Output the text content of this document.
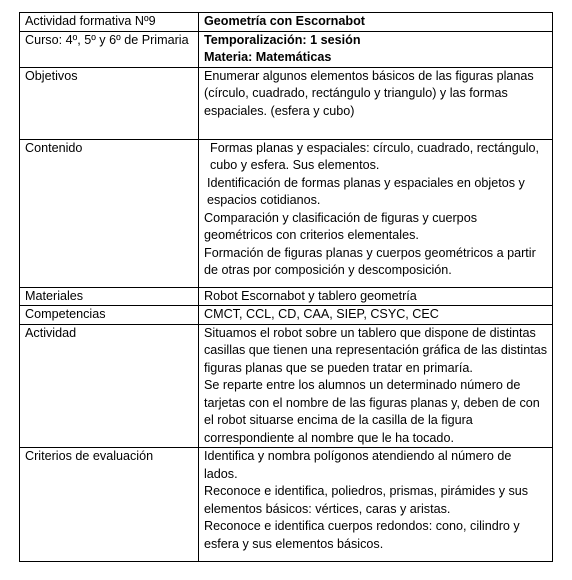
Actividad formativa Nº9	Geometría con Escornabot
Curso: 4º, 5º y 6º de Primaria	Temporalización: 1 sesión
Materia: Matemáticas

Objetivos	Enumerar algunos elementos básicos de las figuras planas (círculo, cuadrado, rectángulo y triangulo) y las formas espaciales. (esfera y cubo)
Contenido	Formas planas y espaciales: círculo, cuadrado, rectángulo, cubo y esfera. Sus elementos.
Identificación de formas planas y espaciales en objetos y espacios cotidianos.
Comparación y clasificación de figuras y cuerpos geométricos con criterios elementales.
Formación de figuras planas y cuerpos geométricos a partir de otras por composición y descomposición.

Materiales	Robot Escornabot y tablero geometría
Competencias	CMCT, CCL, CD, CAA, SIEP, CSYC, CEC
Actividad	Situamos el robot sobre un tablero que dispone de distintas casillas que tienen una representación gráfica de las distintas figuras planas que se pueden tratar en primaría.
Se reparte entre los alumnos un determinado número de tarjetas con el nombre de las figuras planas y, deben de con el robot situarse encima de la casilla de la figura correspondiente al nombre que le ha tocado.

Criterios de evaluación	Identifica y nombra polígonos atendiendo al número de lados.
Reconoce e identifica, poliedros, prismas, pirámides y sus elementos básicos: vértices, caras y aristas.
Reconoce e identifica cuerpos redondos: cono, cilindro y esfera y sus elementos básicos.
